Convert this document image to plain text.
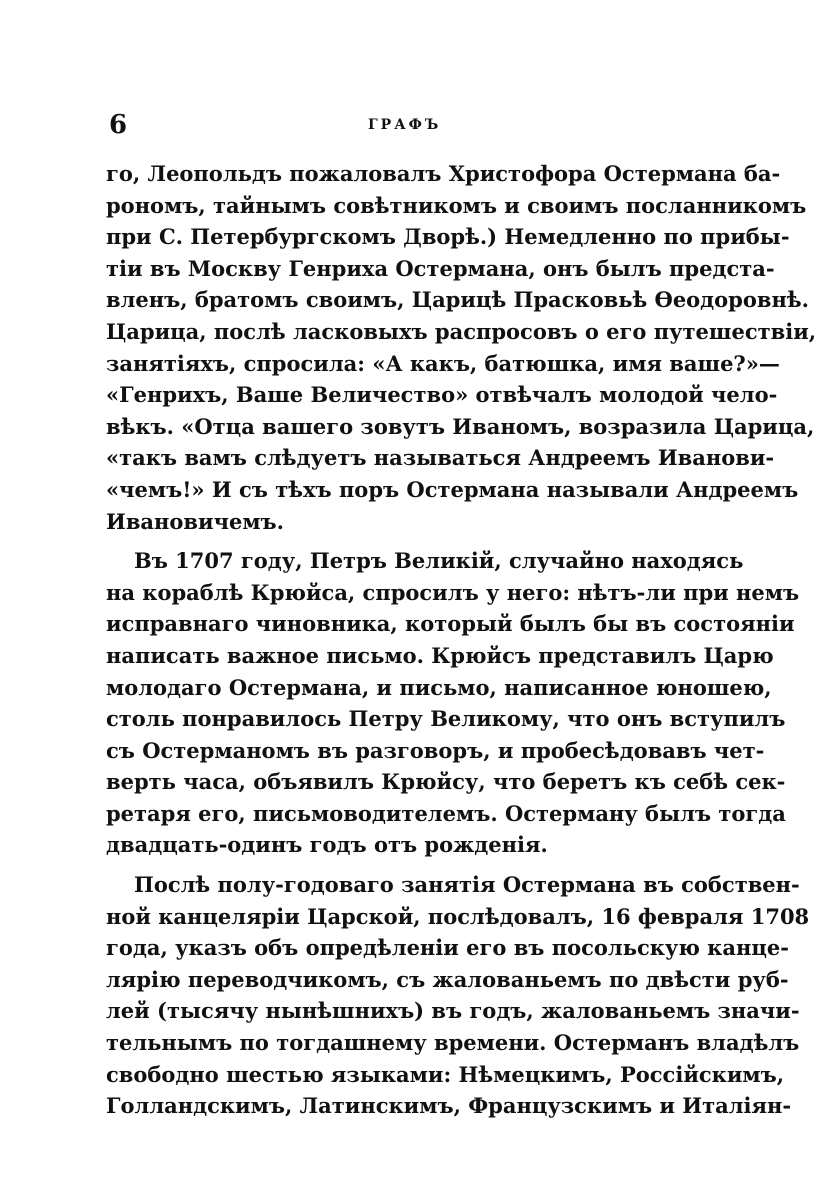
6	ГРАФЪ
го, Леопольдъ пожаловалъ Христофора Остермана ба-
рономъ, тайнымъ совѣтникомъ и своимъ посланникомъ
при С. Петербургскомъ Дворѣ.) Немедленно по прибы-
тіи въ Москву Генриха Остермана, онъ былъ предста-
вленъ, братомъ своимъ, Царицѣ Прасковьѣ Ѳеодоровнѣ.
Царица, послѣ ласковыхъ распросовъ о его путешествіи,
занятіяхъ, спросила: «А какъ, батюшка, имя ваше?»—
«Генрихъ, Ваше Величество» отвѣчалъ молодой чело-
вѣкъ. «Отца вашего зовутъ Иваномъ, возразила Царица,
«такъ вамъ слѣдуетъ называться Андреемъ Иванови-
«чемъ!» И съ тѣхъ поръ Остермана называли Андреемъ
Ивановичемъ.
Въ 1707 году, Петръ Великій, случайно находясь
на кораблѣ Крюйса, спросилъ у него: нѣтъ-ли при немъ
исправнаго чиновника, который былъ бы въ состояніи
написать важное письмо. Крюйсъ представилъ Царю
молодаго Остермана, и письмо, написанное юношею,
столь понравилось Петру Великому, что онъ вступилъ
съ Остерманомъ въ разговоръ, и пробесѣдовавъ чет-
верть часа, объявилъ Крюйсу, что беретъ къ себѣ сек-
ретаря его, письмоводителемъ. Остерману былъ тогда
двадцать-одинъ годъ отъ рожденія.
Послѣ полу-годоваго занятія Остермана въ собствен-
ной канцеляріи Царской, послѣдовалъ, 16 февраля 1708
года, указъ объ опредѣленіи его въ посольскую канце-
лярію переводчикомъ, съ жалованьемъ по двѣсти руб-
лей (тысячу нынѣшнихъ) въ годъ, жалованьемъ значи-
тельнымъ по тогдашнему времени. Остерманъ владѣлъ
свободно шестью языками: Нѣмецкимъ, Россійскимъ,
Голландскимъ, Латинскимъ, Французскимъ и Италіян-
